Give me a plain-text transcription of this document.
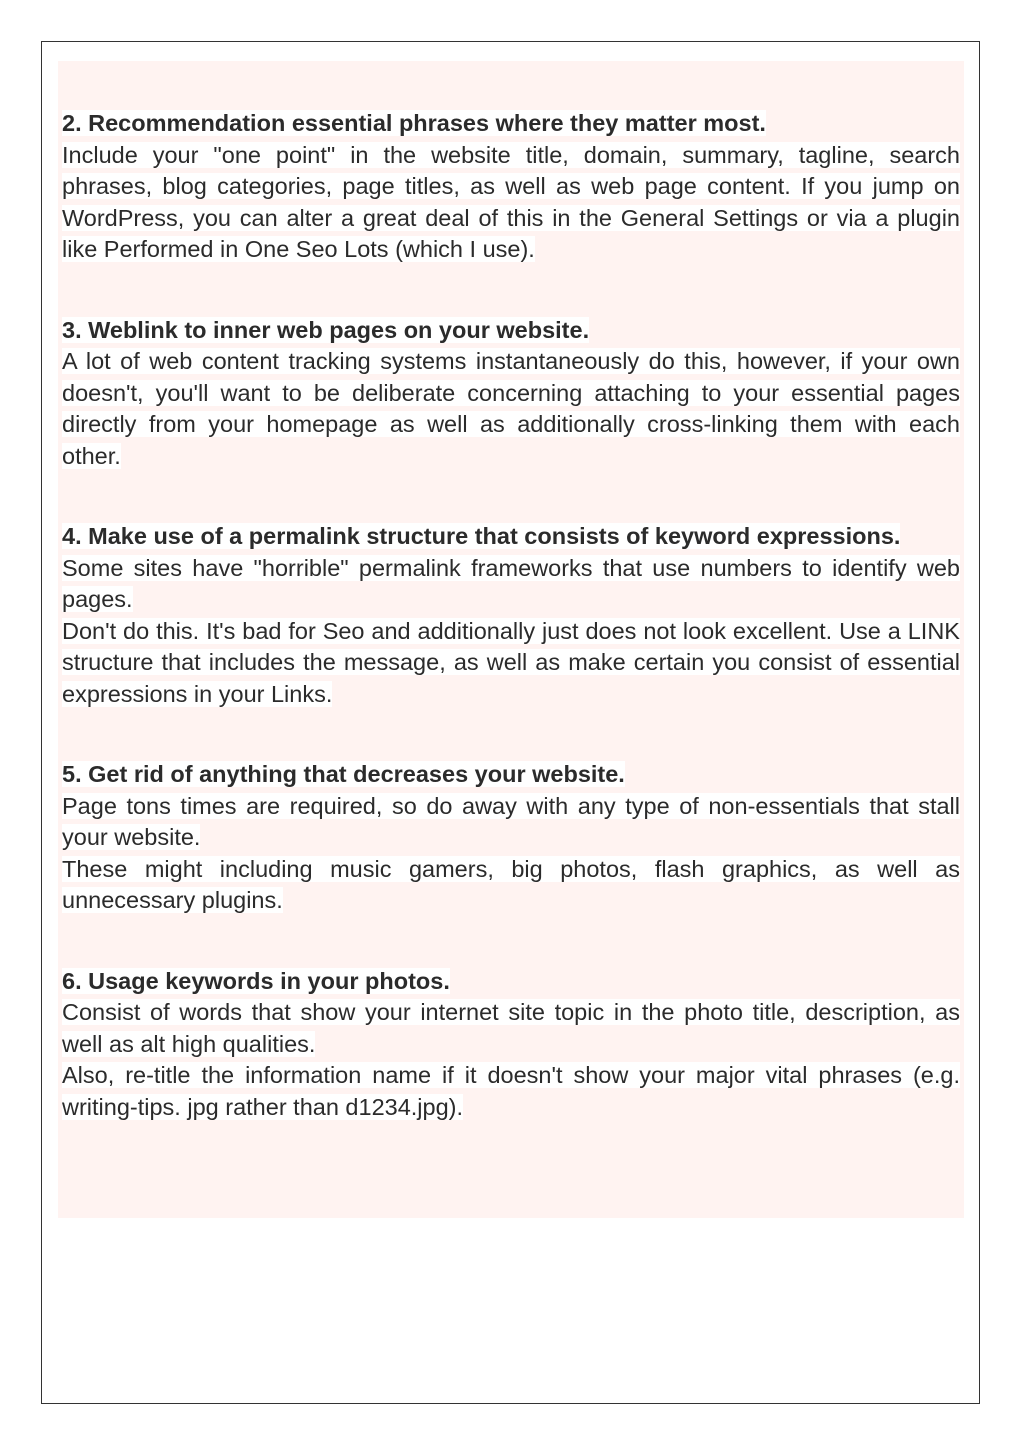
2. Recommendation essential phrases where they matter most.
Include your "one point" in the website title, domain, summary, tagline, search phrases, blog categories, page titles, as well as web page content. If you jump on WordPress, you can alter a great deal of this in the General Settings or via a plugin like Performed in One Seo Lots (which I use).
3. Weblink to inner web pages on your website.
A lot of web content tracking systems instantaneously do this, however, if your own doesn't, you'll want to be deliberate concerning attaching to your essential pages directly from your homepage as well as additionally cross-linking them with each other.
4. Make use of a permalink structure that consists of keyword expressions.
Some sites have "horrible" permalink frameworks that use numbers to identify web pages.
Don't do this. It's bad for Seo and additionally just does not look excellent. Use a LINK structure that includes the message, as well as make certain you consist of essential expressions in your Links.
5. Get rid of anything that decreases your website.
Page tons times are required, so do away with any type of non-essentials that stall your website.
These might including music gamers, big photos, flash graphics, as well as unnecessary plugins.
6. Usage keywords in your photos.
Consist of words that show your internet site topic in the photo title, description, as well as alt high qualities.
Also, re-title the information name if it doesn't show your major vital phrases (e.g. writing-tips. jpg rather than d1234.jpg).
